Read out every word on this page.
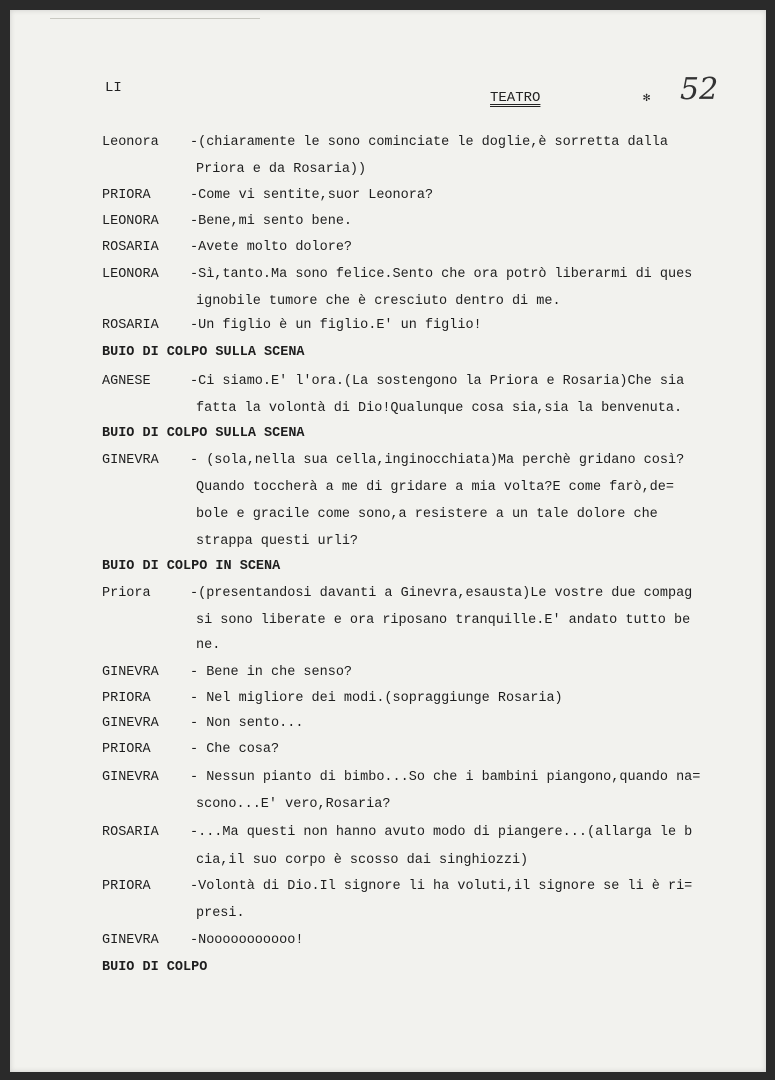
LI
TEATRO	✻ 52
Leonora -(chiaramente le sono cominciate le doglie,è sorretta dalla
Priora e da Rosaria))
PRIORA	-Come vi sentite,suor Leonora?
LEONORA -Bene,mi sento bene.
ROSARIA -Avete molto dolore?
LEONORA -Sì,tanto.Ma sono felice.Sento che ora potrò liberarmi di ques
ignobile tumore che è cresciuto dentro di me.
ROSARIA -Un figlio è un figlio.E' un figlio!
BUIO DI COLPO SULLA SCENA
AGNESE	-Ci siamo.E' l'ora.(La sostengono la Priora e Rosaria)Che sia
fatta la volontà di Dio!Qualunque cosa sia,sia la benvenuta.
BUIO DI COLPO SULLA SCENA
GINEVRA - (sola,nella sua cella,inginocchiata)Ma perchè gridano così?
Quando toccherà a me di gridare a mia volta?E come farò,de=
bole e gracile come sono,a resistere a un tale dolore che
strappa questi urli?
BUIO DI COLPO IN SCENA
Priora	-(presentandosi davanti a Ginevra,esausta)Le vostre due compag
si sono liberate e ora riposano tranquille.E' andato tutto be
ne.
GINEVRA - Bene in che senso?
PRIORA	- Nel migliore dei modi.(sopraggiunge Rosaria)
GINEVRA - Non sento...
PRIORA	- Che cosa?
GINEVRA - Nessun pianto di bimbo...So che i bambini piangono,quando na=
scono...E' vero,Rosaria?
ROSARIA -...Ma questi non hanno avuto modo di piangere...(allarga le b
cia,il suo corpo è scosso dai singhiozzi)
PRIORA	-Volontà di Dio.Il signore li ha voluti,il signore se li è ri=
presi.
GINEVRA -Nooooooooooo!
BUIO DI COLPO
